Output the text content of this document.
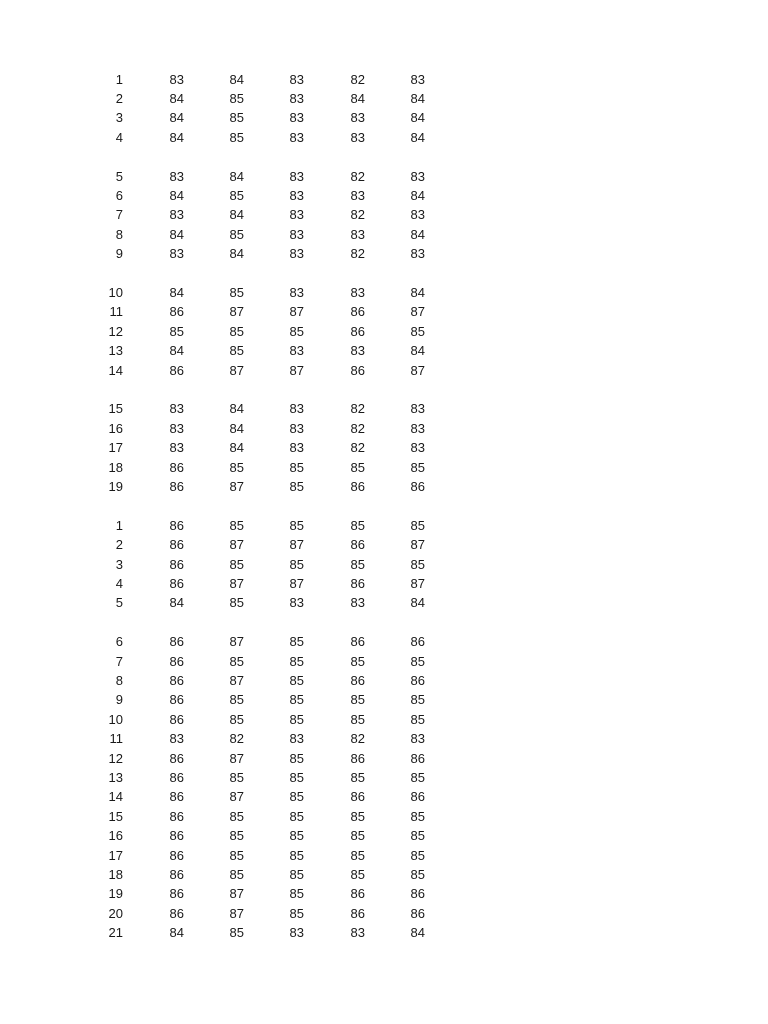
1	83	84	83	82	83
2	84	85	83	84	84
3	84	85	83	83	84
4	84	85	83	83	84
5	83	84	83	82	83
6	84	85	83	83	84
7	83	84	83	82	83
8	84	85	83	83	84
9	83	84	83	82	83
10	84	85	83	83	84
11	86	87	87	86	87
12	85	85	85	86	85
13	84	85	83	83	84
14	86	87	87	86	87
15	83	84	83	82	83
16	83	84	83	82	83
17	83	84	83	82	83
18	86	85	85	85	85
19	86	87	85	86	86
1	86	85	85	85	85
2	86	87	87	86	87
3	86	85	85	85	85
4	86	87	87	86	87
5	84	85	83	83	84
6	86	87	85	86	86
7	86	85	85	85	85
8	86	87	85	86	86
9	86	85	85	85	85
10	86	85	85	85	85
11	83	82	83	82	83
12	86	87	85	86	86
13	86	85	85	85	85
14	86	87	85	86	86
15	86	85	85	85	85
16	86	85	85	85	85
17	86	85	85	85	85
18	86	85	85	85	85
19	86	87	85	86	86
20	86	87	85	86	86
21	84	85	83	83	84
